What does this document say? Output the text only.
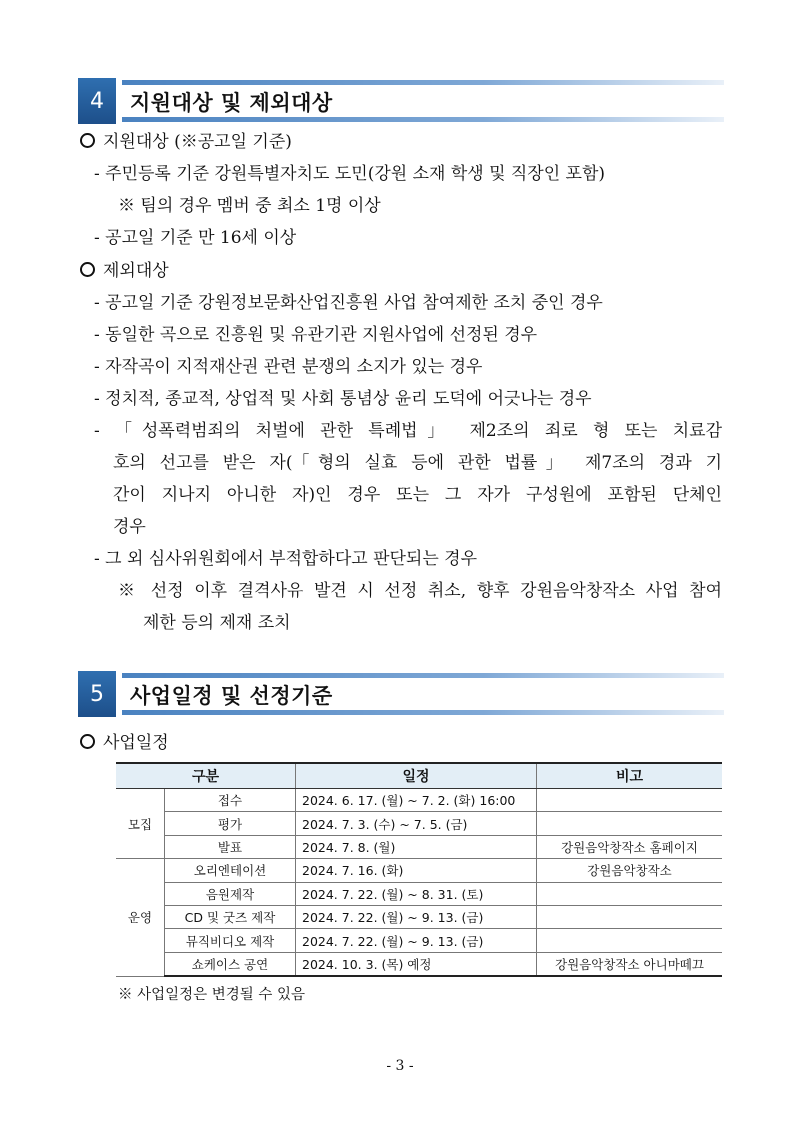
4	지원대상 및 제외대상
지원대상 (※공고일 기준)
- 주민등록 기준 강원특별자치도 도민(강원 소재 학생 및 직장인 포함)
※ 팀의 경우 멤버 중 최소 1명 이상
- 공고일 기준 만 16세 이상
제외대상
- 공고일 기준 강원정보문화산업진흥원 사업 참여제한 조치 중인 경우
- 동일한 곡으로 진흥원 및 유관기관 지원사업에 선정된 경우
- 자작곡이 지적재산권 관련 분쟁의 소지가 있는 경우
- 정치적, 종교적, 상업적 및 사회 통념상 윤리 도덕에 어긋나는 경우
- 「성폭력범죄의 처벌에 관한 특례법」 제2조의 죄로 형 또는 치료감
호의 선고를 받은 자(「형의 실효 등에 관한 법률」 제7조의 경과 기
간이 지나지 아니한 자)인 경우 또는 그 자가 구성원에 포함된 단체인
경우
- 그 외 심사위원회에서 부적합하다고 판단되는 경우
※ 선정 이후 결격사유 발견 시 선정 취소, 향후 강원음악창작소 사업 참여
제한 등의 제재 조치
5	사업일정 및 선정기준
사업일정
구분		일정	비고
모집	접수	2024. 6. 17. (월) ~ 7. 2. (화) 16:00	
	평가	2024. 7. 3. (수) ~ 7. 5. (금)	
	발표	2024. 7. 8. (월)	강원음악창작소 홈페이지
운영	오리엔테이션	2024. 7. 16. (화)	강원음악창작소
	음원제작	2024. 7. 22. (월) ~ 8. 31. (토)	
	CD 및 굿즈 제작	2024. 7. 22. (월) ~ 9. 13. (금)	
	뮤직비디오 제작	2024. 7. 22. (월) ~ 9. 13. (금)	
	쇼케이스 공연	2024. 10. 3. (목) 예정	강원음악창작소 아니마떼끄
※ 사업일정은 변경될 수 있음
- 3 -
